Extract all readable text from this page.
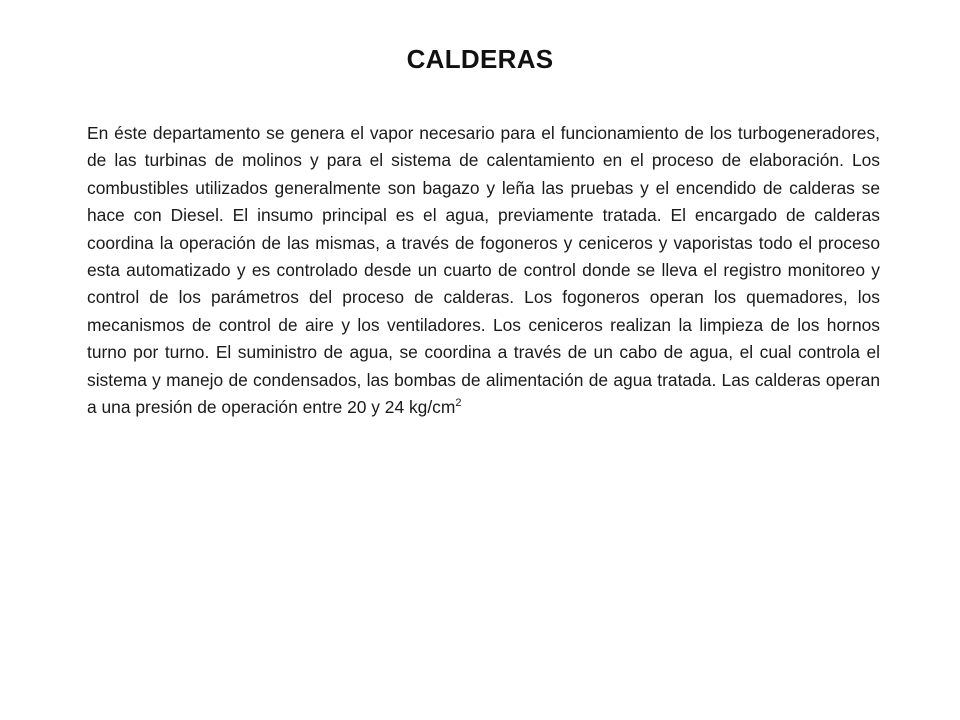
CALDERAS

En éste departamento se genera el vapor necesario para el funcionamiento de los turbogeneradores, de las turbinas de molinos y para el sistema de calentamiento en el proceso de elaboración. Los combustibles utilizados generalmente son bagazo y leña las pruebas y el encendido de calderas se hace con Diesel. El insumo principal es el agua, previamente tratada. El encargado de calderas coordina la operación de las mismas, a través de fogoneros y ceniceros y vaporistas todo el proceso esta automatizado y es controlado desde un cuarto de control donde se lleva el registro monitoreo y control de los parámetros del proceso de calderas. Los fogoneros operan los quemadores, los mecanismos de control de aire y los ventiladores. Los ceniceros realizan la limpieza de los hornos turno por turno. El suministro de agua, se coordina a través de un cabo de agua, el cual controla el sistema y manejo de condensados, las bombas de alimentación de agua tratada. Las calderas operan a una presión de operación entre 20 y 24 $kg/cm^2$
